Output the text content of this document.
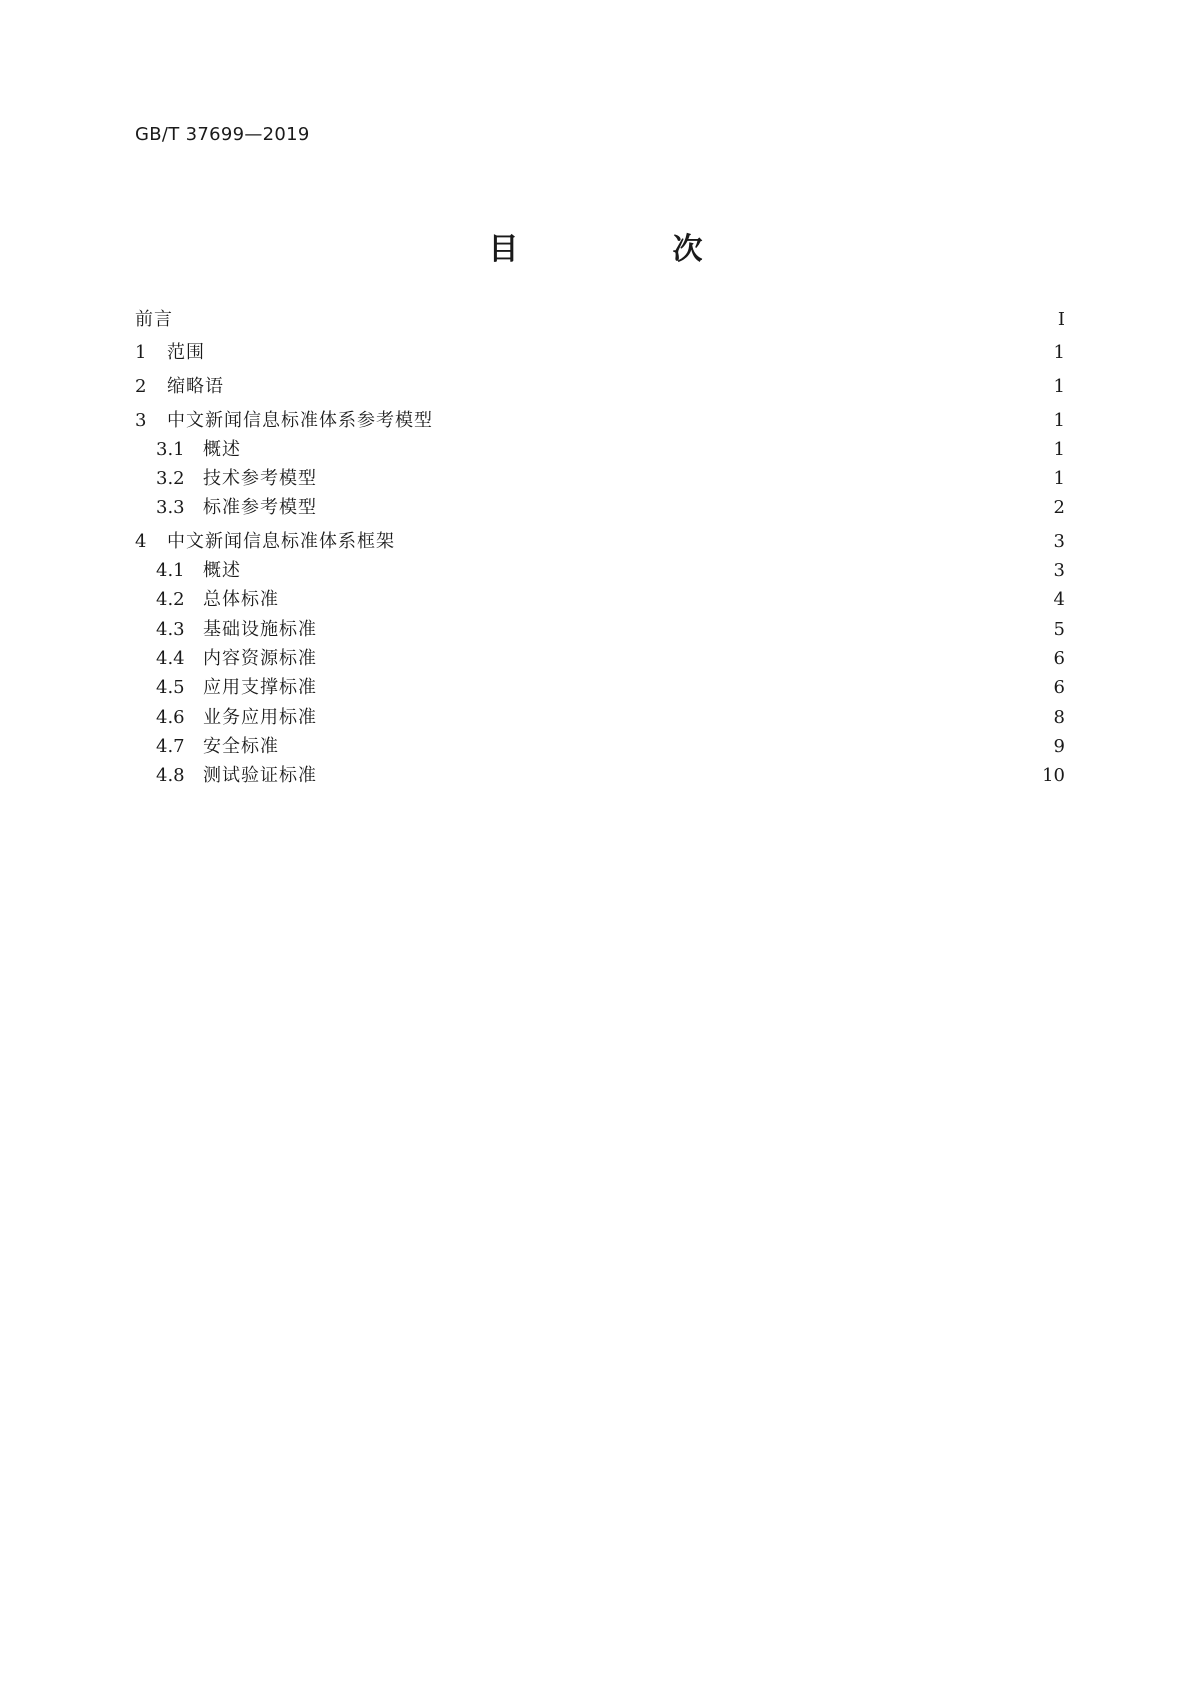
GB/T 37699—2019
目　次
前言	Ⅰ
1	范围	1
2	缩略语	1
3	中文新闻信息标准体系参考模型	1
3.1	概述	1
3.2	技术参考模型	1
3.3	标准参考模型	2
4	中文新闻信息标准体系框架	3
4.1	概述	3
4.2	总体标准	4
4.3	基础设施标准	5
4.4	内容资源标准	6
4.5	应用支撑标准	6
4.6	业务应用标准	8
4.7	安全标准	9
4.8	测试验证标准	10
